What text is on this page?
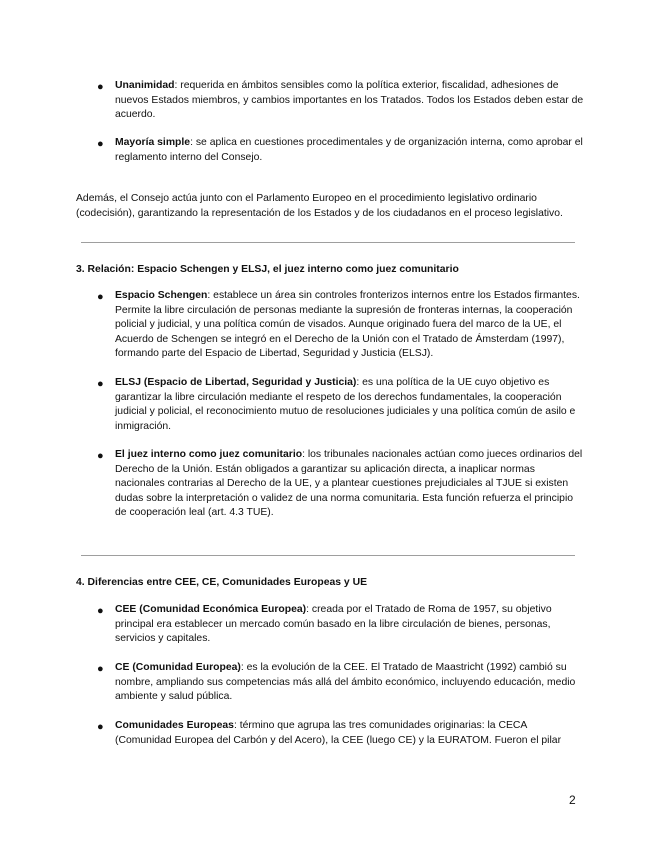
● Unanimidad: requerida en ámbitos sensibles como la política exterior, fiscalidad, adhesiones de nuevos Estados miembros, y cambios importantes en los Tratados. Todos los Estados deben estar de acuerdo.
● Mayoría simple: se aplica en cuestiones procedimentales y de organización interna, como aprobar el reglamento interno del Consejo.
Además, el Consejo actúa junto con el Parlamento Europeo en el procedimiento legislativo ordinario (codecisión), garantizando la representación de los Estados y de los ciudadanos en el proceso legislativo.
3. Relación: Espacio Schengen y ELSJ, el juez interno como juez comunitario
● Espacio Schengen: establece un área sin controles fronterizos internos entre los Estados firmantes. Permite la libre circulación de personas mediante la supresión de fronteras internas, la cooperación policial y judicial, y una política común de visados. Aunque originado fuera del marco de la UE, el Acuerdo de Schengen se integró en el Derecho de la Unión con el Tratado de Ámsterdam (1997), formando parte del Espacio de Libertad, Seguridad y Justicia (ELSJ).
● ELSJ (Espacio de Libertad, Seguridad y Justicia): es una política de la UE cuyo objetivo es garantizar la libre circulación mediante el respeto de los derechos fundamentales, la cooperación judicial y policial, el reconocimiento mutuo de resoluciones judiciales y una política común de asilo e inmigración.
● El juez interno como juez comunitario: los tribunales nacionales actúan como jueces ordinarios del Derecho de la Unión. Están obligados a garantizar su aplicación directa, a inaplicar normas nacionales contrarias al Derecho de la UE, y a plantear cuestiones prejudiciales al TJUE si existen dudas sobre la interpretación o validez de una norma comunitaria. Esta función refuerza el principio de cooperación leal (art. 4.3 TUE).
4. Diferencias entre CEE, CE, Comunidades Europeas y UE
● CEE (Comunidad Económica Europea): creada por el Tratado de Roma de 1957, su objetivo principal era establecer un mercado común basado en la libre circulación de bienes, personas, servicios y capitales.
● CE (Comunidad Europea): es la evolución de la CEE. El Tratado de Maastricht (1992) cambió su nombre, ampliando sus competencias más allá del ámbito económico, incluyendo educación, medio ambiente y salud pública.
● Comunidades Europeas: término que agrupa las tres comunidades originarias: la CECA (Comunidad Europea del Carbón y del Acero), la CEE (luego CE) y la EURATOM. Fueron el pilar
2
